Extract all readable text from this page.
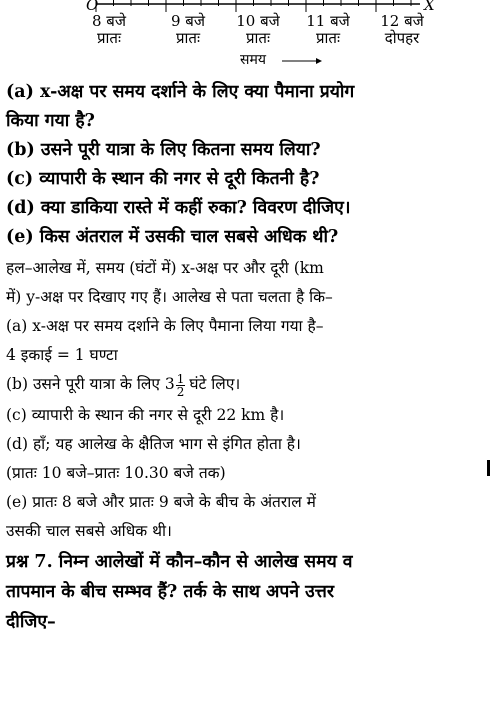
O	X
8 बजे
प्रातः
9 बजे
प्रातः
10 बजे
प्रातः
11 बजे
प्रातः
12 बजे
दोपहर
समय
(a) x-अक्ष पर समय दर्शाने के लिए क्या पैमाना प्रयोग
किया गया है?
(b) उसने पूरी यात्रा के लिए कितना समय लिया?
(c) व्यापारी के स्थान की नगर से दूरी कितनी है?
(d) क्या डाकिया रास्ते में कहीं रुका? विवरण दीजिए।
(e) किस अंतराल में उसकी चाल सबसे अधिक थी?
हल–आलेख में, समय (घंटों में) x-अक्ष पर और दूरी (km
में) y-अक्ष पर दिखाए गए हैं। आलेख से पता चलता है कि–
(a) x-अक्ष पर समय दर्शाने के लिए पैमाना लिया गया है–
4 इकाई = 1 घण्टा
(b) उसने पूरी यात्रा के लिए $3 \frac{1}{2}$ घंटे लिए।
(c) व्यापारी के स्थान की नगर से दूरी 22 km है।
(d) हाँ; यह आलेख के क्षैतिज भाग से इंगित होता है।
(प्रातः 10 बजे–प्रातः 10.30 बजे तक)
(e) प्रातः 8 बजे और प्रातः 9 बजे के बीच के अंतराल में
उसकी चाल सबसे अधिक थी।
प्रश्न 7. निम्न आलेखों में कौन–कौन से आलेख समय व
तापमान के बीच सम्भव हैं? तर्क के साथ अपने उत्तर
दीजिए–
